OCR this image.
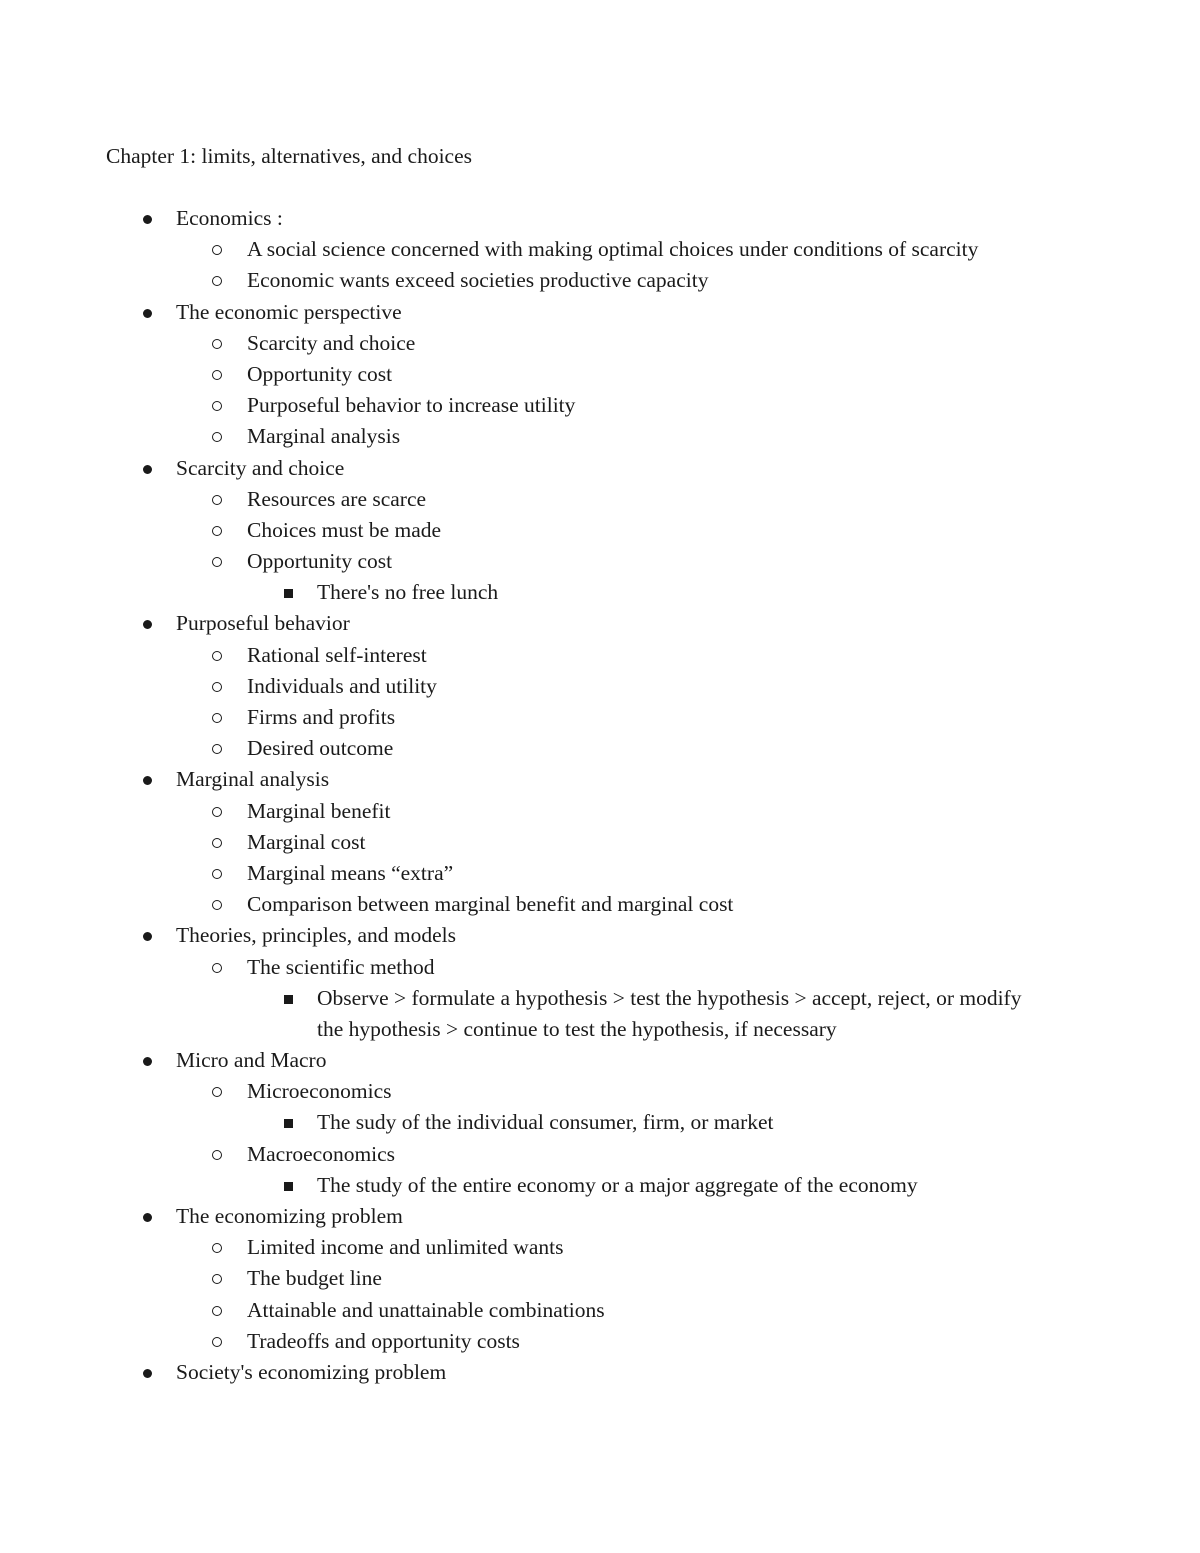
Chapter 1: limits, alternatives, and choices
Economics :
A social science concerned with making optimal choices under conditions of scarcity
Economic wants exceed societies productive capacity
The economic perspective
Scarcity and choice
Opportunity cost
Purposeful behavior to increase utility
Marginal analysis
Scarcity and choice
Resources are scarce
Choices must be made
Opportunity cost
There's no free lunch
Purposeful behavior
Rational self-interest
Individuals and utility
Firms and profits
Desired outcome
Marginal analysis
Marginal benefit
Marginal cost
Marginal means “extra”
Comparison between marginal benefit and marginal cost
Theories, principles, and models
The scientific method
Observe > formulate a hypothesis > test the hypothesis > accept, reject, or modify
the hypothesis > continue to test the hypothesis, if necessary
Micro and Macro
Microeconomics
The sudy of the individual consumer, firm, or market
Macroeconomics
The study of the entire economy or a major aggregate of the economy
The economizing problem
Limited income and unlimited wants
The budget line
Attainable and unattainable combinations
Tradeoffs and opportunity costs
Society's economizing problem
